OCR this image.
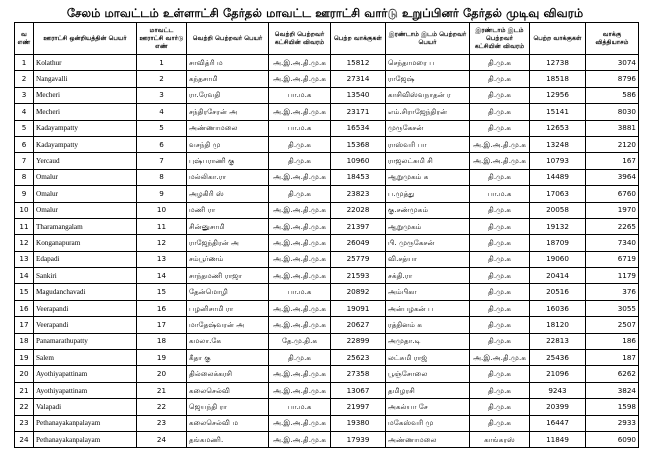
சேலம் மாவட்டம் உள்ளாட்சி தேர்தல் மாவட்ட ஊராட்சி வார்டு உறுப்பினர் தேர்தல் முடிவு விவரம்
வ எண்	ஊராட்சி ஒன்றியத்தின் பெயர்	மாவட்ட ஊராட்சி வார்டு எண்	வெற்றி பெற்றவர் பெயர்	வெற்றி பெற்றவர் கட்சியின் விவரம்	பெற்ற வாக்குகள்	இரண்டாம் இடம் பெற்றவர் பெயர்	இரண்டாம் இடம் பெற்றவர் கட்சியின் விவரம்	பெற்ற வாக்குகள்	வாக்கு வித்தியாசம்
1	Kolathur	1	சாவித்ரி ம	அ.இ.அ.தி.மு.க	15812	செந்தாமரை ப	தி.மு.க	12738	3074
2	Nangavalli	2	கந்தசாமி	அ.இ.அ.தி.மு.க	27314	ராஜேஷ்	தி.மு.க	18518	8796
3	Mecheri	3	ரா.ரேவதி	பா.ம.க	13540	காசிவிஸ்வநாதன் ர	தி.மு.க	12956	586
4	Mecheri	4	சந்திரசேரன் அ	அ.இ.அ.தி.மு.க	23171	எம்.சிராஜேந்திரன்	தி.மு.க	15141	8030
5	Kadayampatty	5	அண்ணாமலை	பா.ம.க	16534	முருகேசன்	தி.மு.க	12653	3881
6	Kadayampatty	6	வசந்தி மு	தி.மு.க	15368	ராஸ்வரி பா	அ.இ.அ.தி.மு.க	13248	2120
7	Yercaud	7	புஷ்பராணி கு	தி.மு.க	10960	ராஜலட்சுமி சி	அ.இ.அ.தி.மு.க	10793	167
8	Omalur	8	மல்லிகா.ரா	அ.இ.அ.தி.மு.க	18453	ஆறுமுகம் க	தி.மு.க	14489	3964
9	Omalur	9	அழகிரி ஸ்	தி.மு.க	23823	ப.முத்து	பா.ம.க	17063	6760
10	Omalur	10	மணி ரா	அ.இ.அ.தி.மு.க	22028	கு.சண்முகம்	தி.மு.க	20058	1970
11	Tharamangalam	11	சின்னுசாமி	அ.இ.அ.தி.மு.க	21397	ஆறுமுகம்	தி.மு.க	19132	2265
12	Konganapuram	12	ராஜேந்திரன் அ	அ.இ.அ.தி.மு.க	26049	பி. முருகேசன்	தி.மு.க	18709	7340
13	Edapadi	13	சம்பூர்ணம்	அ.இ.அ.தி.மு.க	25779	வி.சத்யா	தி.மு.க	19060	6719
14	Sankiri	14	சாந்தமணி ராஜா	அ.இ.அ.தி.மு.க	21593	சக்தி.ரா	தி.மு.க	20414	1179
15	Magudanchavadi	15	தேன்மொழி	பா.ம.க	20892	அம்பிகா	தி.மு.க	20516	376
16	Veerapandi	16	பழனிசாமி ரா	அ.இ.அ.தி.மு.க	19091	அன்பழகன் ப	தி.மு.க	16036	3055
17	Veerapandi	17	மாதேஷ்வரன் அ	அ.இ.அ.தி.மு.க	20627	ரத்தினம் க	தி.மு.க	18120	2507
18	Panamarathupatty	18	கமலா.கே	தே.மு.தி.க	22899	அமுதா.டி	தி.மு.க	22813	186
19	Salem	19	கீதா கு	தி.மு.க	25623	லட்சுமி ராஜ்	அ.இ.அ.தி.மு.க	25436	187
20	Ayothiyapattinam	20	தில்லைக்கரசி	அ.இ.அ.தி.மு.க	27358	பூஞ்சோலை	தி.மு.க	21096	6262
21	Ayothiyapattinam	21	கலைசெல்வி	அ.இ.அ.தி.மு.க	13067	தமிழரசி	தி.மு.க	9243	3824
22	Valapadi	22	ஜெயந்தி ரா	பா.ம.க	21997	அகல்யா சே	தி.மு.க	20399	1598
23	Pethanayakanpalayam	23	கலைசெல்வி ம	அ.இ.அ.தி.மு.க	19380	மகேஸ்வரி மு	தி.மு.க	16447	2933
24	Pethanayakanpalayam	24	தங்கமணி.	அ.இ.அ.தி.மு.க	17939	அண்ணாமலை	காங்கரஸ்	11849	6090
